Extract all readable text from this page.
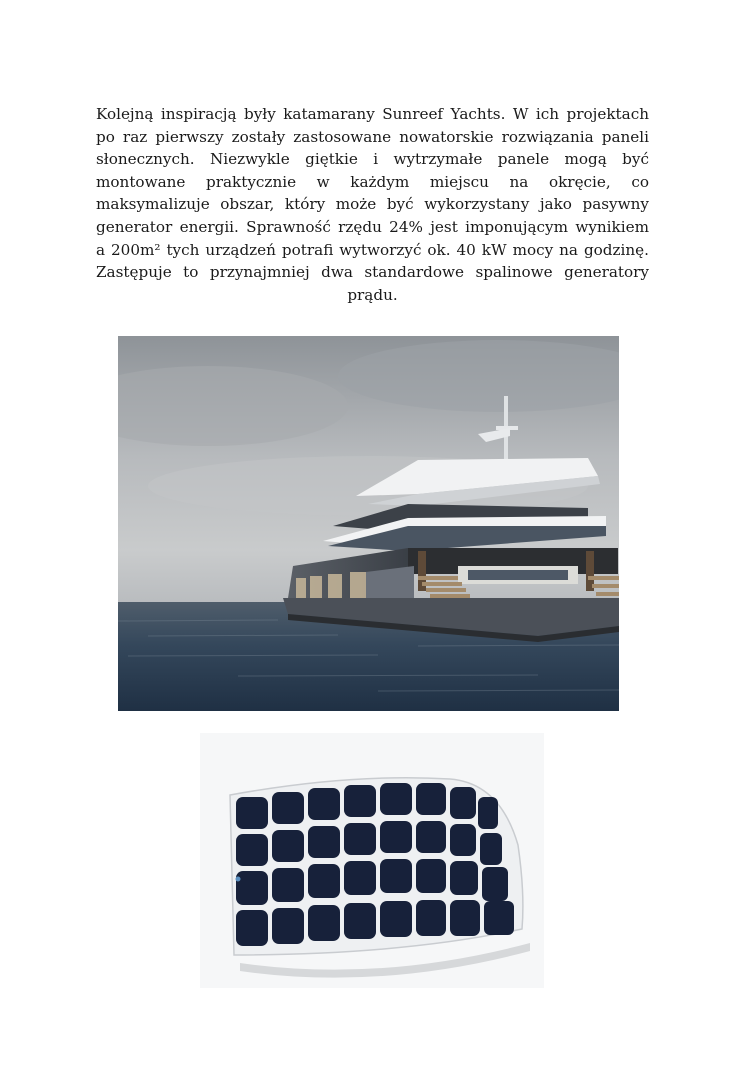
Kolejną inspiracją były katamarany Sunreef Yachts. W ich projektach
po raz pierwszy zostały zastosowane nowatorskie rozwiązania paneli
słonecznych. Niezwykle giętkie i wytrzymałe panele mogą być
montowane praktycznie w każdym miejscu na okręcie, co
maksymalizuje obszar, który może być wykorzystany jako pasywny
generator energii. Sprawność rzędu 24% jest imponującym wynikiem
a 200m² tych urządzeń potrafi wytworzyć ok. 40 kW mocy na godzinę.
Zastępuje to przynajmniej dwa standardowe spalinowe generatory
prądu.
